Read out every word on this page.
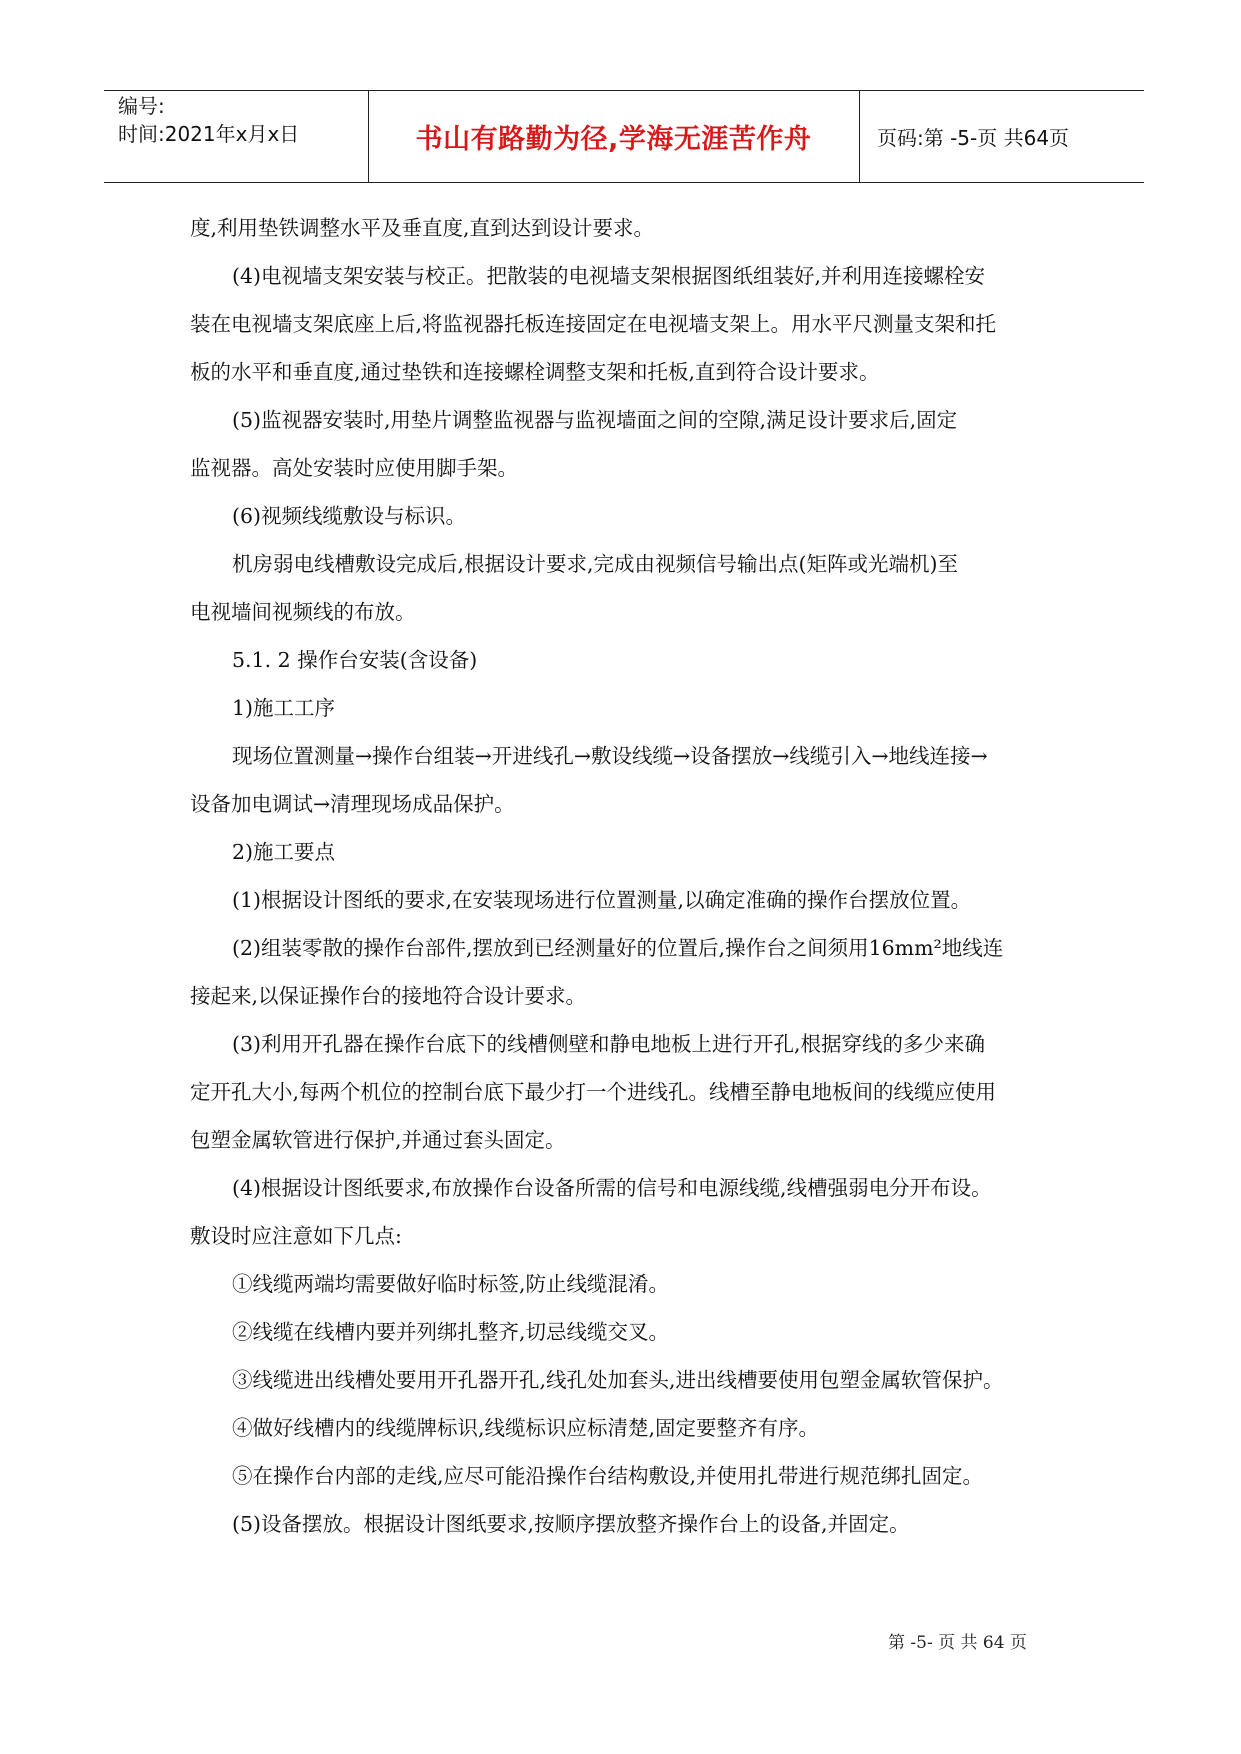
编号:
时间:2021年x月x日	书山有路勤为径,学海无涯苦作舟	页码:第 -5-页 共64页
度,利用垫铁调整水平及垂直度,直到达到设计要求。
(4)电视墙支架安装与校正。把散装的电视墙支架根据图纸组装好,并利用连接螺栓安
装在电视墙支架底座上后,将监视器托板连接固定在电视墙支架上。用水平尺测量支架和托
板的水平和垂直度,通过垫铁和连接螺栓调整支架和托板,直到符合设计要求。
(5)监视器安装时,用垫片调整监视器与监视墙面之间的空隙,满足设计要求后,固定
监视器。高处安装时应使用脚手架。
(6)视频线缆敷设与标识。
机房弱电线槽敷设完成后,根据设计要求,完成由视频信号输出点(矩阵或光端机)至
电视墙间视频线的布放。
5.1. 2 操作台安装(含设备)
1)施工工序
现场位置测量→操作台组装→开进线孔→敷设线缆→设备摆放→线缆引入→地线连接→
设备加电调试→清理现场成品保护。
2)施工要点
(1)根据设计图纸的要求,在安装现场进行位置测量,以确定准确的操作台摆放位置。
(2)组装零散的操作台部件,摆放到已经测量好的位置后,操作台之间须用16mm²地线连
接起来,以保证操作台的接地符合设计要求。
(3)利用开孔器在操作台底下的线槽侧壁和静电地板上进行开孔,根据穿线的多少来确
定开孔大小,每两个机位的控制台底下最少打一个进线孔。线槽至静电地板间的线缆应使用
包塑金属软管进行保护,并通过套头固定。
(4)根据设计图纸要求,布放操作台设备所需的信号和电源线缆,线槽强弱电分开布设。
敷设时应注意如下几点:
①线缆两端均需要做好临时标签,防止线缆混淆。
②线缆在线槽内要并列绑扎整齐,切忌线缆交叉。
③线缆进出线槽处要用开孔器开孔,线孔处加套头,进出线槽要使用包塑金属软管保护。
④做好线槽内的线缆牌标识,线缆标识应标清楚,固定要整齐有序。
⑤在操作台内部的走线,应尽可能沿操作台结构敷设,并使用扎带进行规范绑扎固定。
(5)设备摆放。根据设计图纸要求,按顺序摆放整齐操作台上的设备,并固定。
第 -5- 页 共 64 页
